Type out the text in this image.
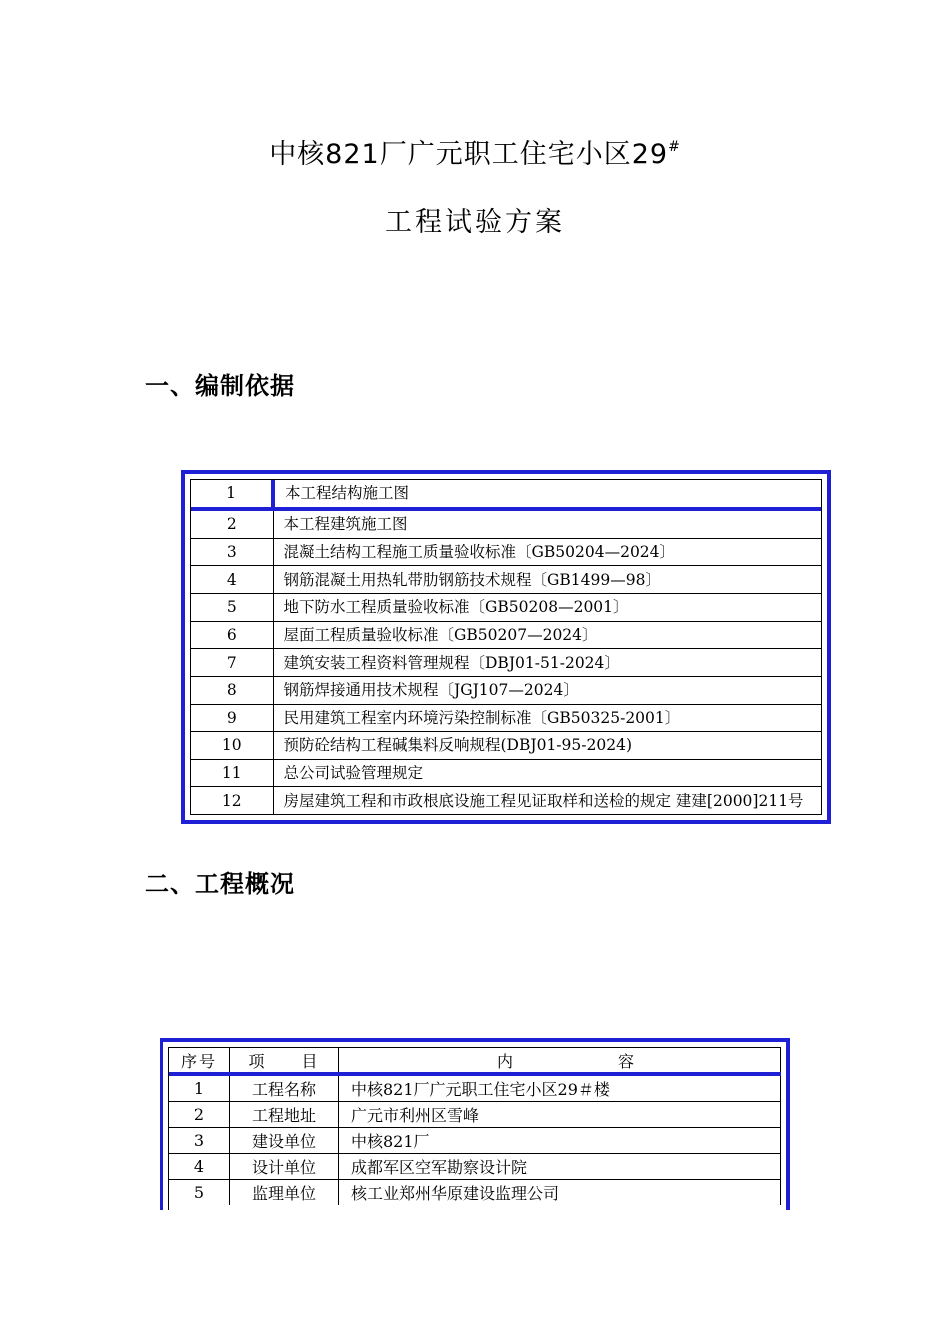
中核821厂广元职工住宅小区29#
工程试验方案
一、编制依据
1	本工程结构施工图
2	本工程建筑施工图
3	混凝土结构工程施工质量验收标准〔GB50204—2024〕
4	钢筋混凝土用热轧带肋钢筋技术规程〔GB1499—98〕
5	地下防水工程质量验收标准〔GB50208—2001〕
6	屋面工程质量验收标准〔GB50207—2024〕
7	建筑安装工程资料管理规程〔DBJ01-51-2024〕
8	钢筋焊接通用技术规程〔JGJ107—2024〕
9	民用建筑工程室内环境污染控制标准〔GB50325-2001〕
10	预防砼结构工程碱集料反响规程(DBJ01-95-2024)
11	总公司试验管理规定
12	房屋建筑工程和市政根底设施工程见证取样和送检的规定 建建[2000]211号
二、工程概况
序号	项 目	内 容
1	工程名称	中核821厂广元职工住宅小区29＃楼
2	工程地址	广元市利州区雪峰
3	建设单位	中核821厂
4	设计单位	成都军区空军勘察设计院
5	监理单位	核工业郑州华原建设监理公司
